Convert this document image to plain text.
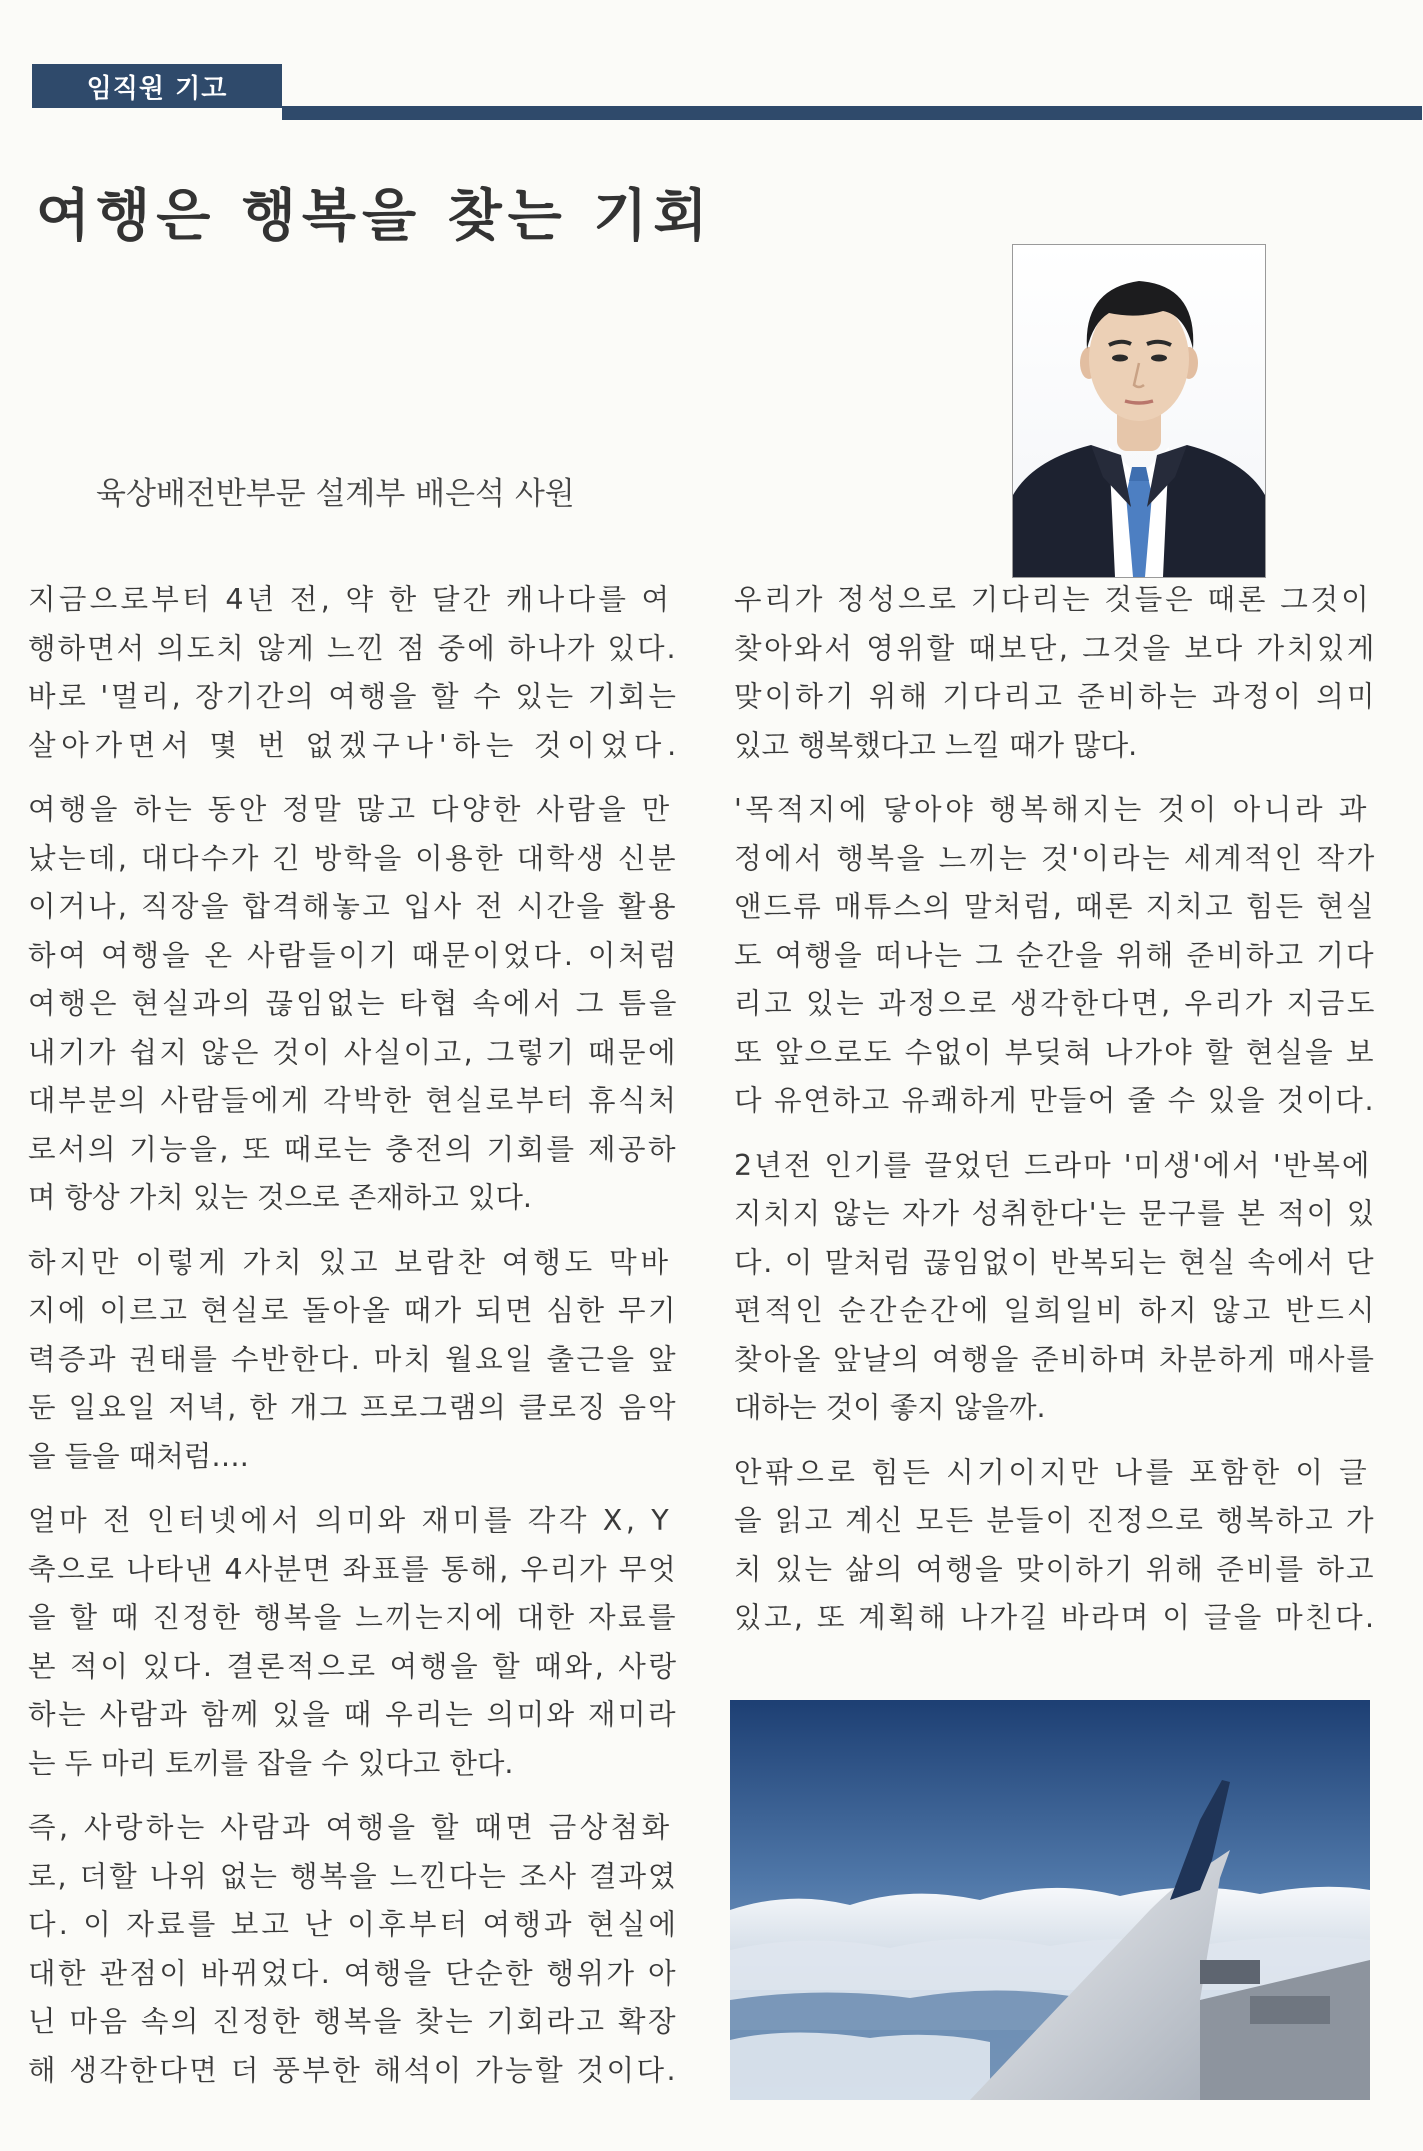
임직원 기고
여행은 행복을 찾는 기회
육상배전반부문 설계부 배은석 사원
지금으로부터 4년 전, 약 한 달간 캐나다를 여
행하면서 의도치 않게 느낀 점 중에 하나가 있다.
바로 '멀리, 장기간의 여행을 할 수 있는 기회는
살아가면서 몇 번 없겠구나'하는 것이었다.
여행을 하는 동안 정말 많고 다양한 사람을 만
났는데, 대다수가 긴 방학을 이용한 대학생 신분
이거나, 직장을 합격해놓고 입사 전 시간을 활용
하여 여행을 온 사람들이기 때문이었다. 이처럼
여행은 현실과의 끊임없는 타협 속에서 그 틈을
내기가 쉽지 않은 것이 사실이고, 그렇기 때문에
대부분의 사람들에게 각박한 현실로부터 휴식처
로서의 기능을, 또 때로는 충전의 기회를 제공하
며 항상 가치 있는 것으로 존재하고 있다.
하지만 이렇게 가치 있고 보람찬 여행도 막바
지에 이르고 현실로 돌아올 때가 되면 심한 무기
력증과 권태를 수반한다. 마치 월요일 출근을 앞
둔 일요일 저녁, 한 개그 프로그램의 클로징 음악
을 들을 때처럼….
얼마 전 인터넷에서 의미와 재미를 각각 X, Y
축으로 나타낸 4사분면 좌표를 통해, 우리가 무엇
을 할 때 진정한 행복을 느끼는지에 대한 자료를
본 적이 있다. 결론적으로 여행을 할 때와, 사랑
하는 사람과 함께 있을 때 우리는 의미와 재미라
는 두 마리 토끼를 잡을 수 있다고 한다.
즉, 사랑하는 사람과 여행을 할 때면 금상첨화
로, 더할 나위 없는 행복을 느낀다는 조사 결과였
다. 이 자료를 보고 난 이후부터 여행과 현실에
대한 관점이 바뀌었다. 여행을 단순한 행위가 아
닌 마음 속의 진정한 행복을 찾는 기회라고 확장
해 생각한다면 더 풍부한 해석이 가능할 것이다.
우리가 정성으로 기다리는 것들은 때론 그것이
찾아와서 영위할 때보단, 그것을 보다 가치있게
맞이하기 위해 기다리고 준비하는 과정이 의미
있고 행복했다고 느낄 때가 많다.
'목적지에 닿아야 행복해지는 것이 아니라 과
정에서 행복을 느끼는 것'이라는 세계적인 작가
앤드류 매튜스의 말처럼, 때론 지치고 힘든 현실
도 여행을 떠나는 그 순간을 위해 준비하고 기다
리고 있는 과정으로 생각한다면, 우리가 지금도
또 앞으로도 수없이 부딪혀 나가야 할 현실을 보
다 유연하고 유쾌하게 만들어 줄 수 있을 것이다.
2년전 인기를 끌었던 드라마 '미생'에서 '반복에
지치지 않는 자가 성취한다'는 문구를 본 적이 있
다. 이 말처럼 끊임없이 반복되는 현실 속에서 단
편적인 순간순간에 일희일비 하지 않고 반드시
찾아올 앞날의 여행을 준비하며 차분하게 매사를
대하는 것이 좋지 않을까.
안팎으로 힘든 시기이지만 나를 포함한 이 글
을 읽고 계신 모든 분들이 진정으로 행복하고 가
치 있는 삶의 여행을 맞이하기 위해 준비를 하고
있고, 또 계획해 나가길 바라며 이 글을 마친다.
